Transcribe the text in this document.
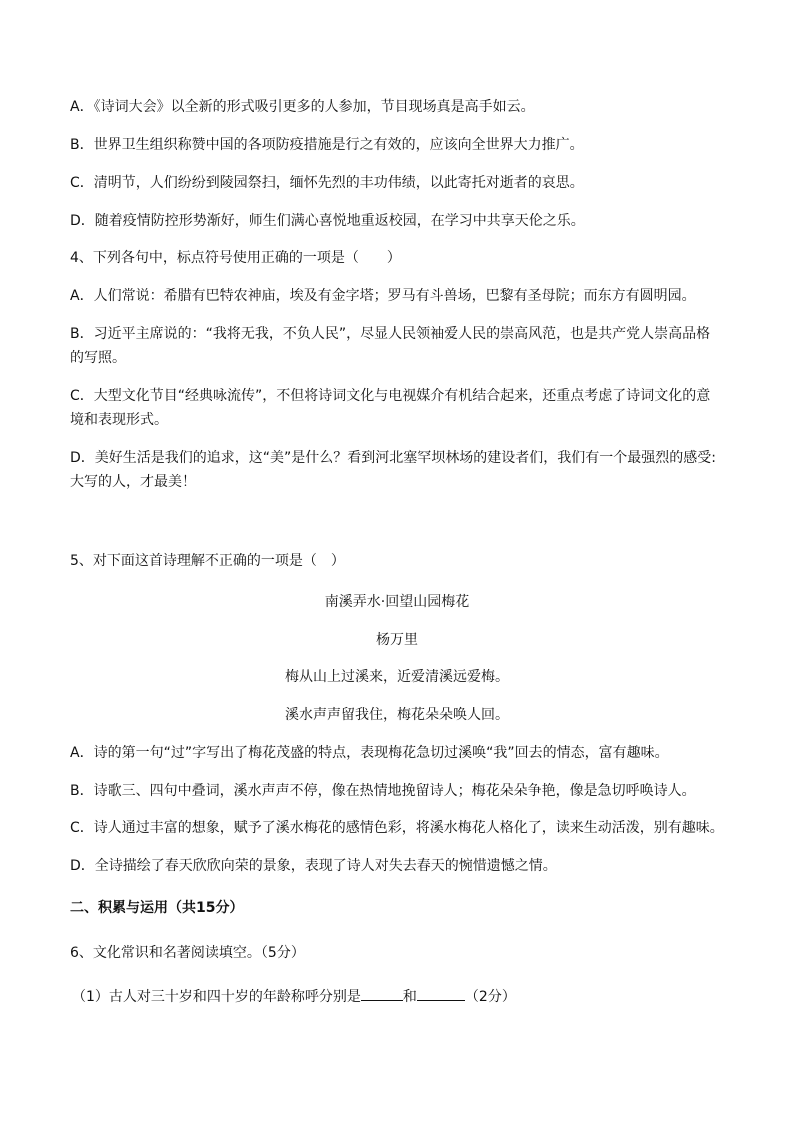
A．《诗词大会》以全新的形式吸引更多的人参加，节目现场真是高手如云。
B．世界卫生组织称赞中国的各项防疫措施是行之有效的，应该向全世界大力推广。
C．清明节，人们纷纷到陵园祭扫，缅怀先烈的丰功伟绩，以此寄托对逝者的哀思。
D．随着疫情防控形势渐好，师生们满心喜悦地重返校园，在学习中共享天伦之乐。
4、下列各句中，标点符号使用正确的一项是（　　）
A．人们常说：希腊有巴特农神庙，埃及有金字塔；罗马有斗兽场，巴黎有圣母院；而东方有圆明园。
B．习近平主席说的：“我将无我，不负人民”，尽显人民领袖爱人民的崇高风范，也是共产党人崇高品格
的写照。
C．大型文化节目“经典咏流传”，不但将诗词文化与电视媒介有机结合起来，还重点考虑了诗词文化的意
境和表现形式。
D．美好生活是我们的追求，这“美”是什么？看到河北塞罕坝林场的建设者们，我们有一个最强烈的感受:
大写的人，才最美！
5、对下面这首诗理解不正确的一项是（　）
南溪弄水·回望山园梅花
杨万里
梅从山上过溪来，近爱清溪远爱梅。
溪水声声留我住，梅花朵朵唤人回。
A．诗的第一句“过”字写出了梅花茂盛的特点，表现梅花急切过溪唤“我”回去的情态，富有趣味。
B．诗歌三、四句中叠词，溪水声声不停，像在热情地挽留诗人；梅花朵朵争艳，像是急切呼唤诗人。
C．诗人通过丰富的想象，赋予了溪水梅花的感情色彩，将溪水梅花人格化了，读来生动活泼，别有趣味。
D．全诗描绘了春天欣欣向荣的景象，表现了诗人对失去春天的惋惜遗憾之情。
二、积累与运用（共15分）
6、文化常识和名著阅读填空。（5分）
（1）古人对三十岁和四十岁的年龄称呼分别是	和	（2分）
